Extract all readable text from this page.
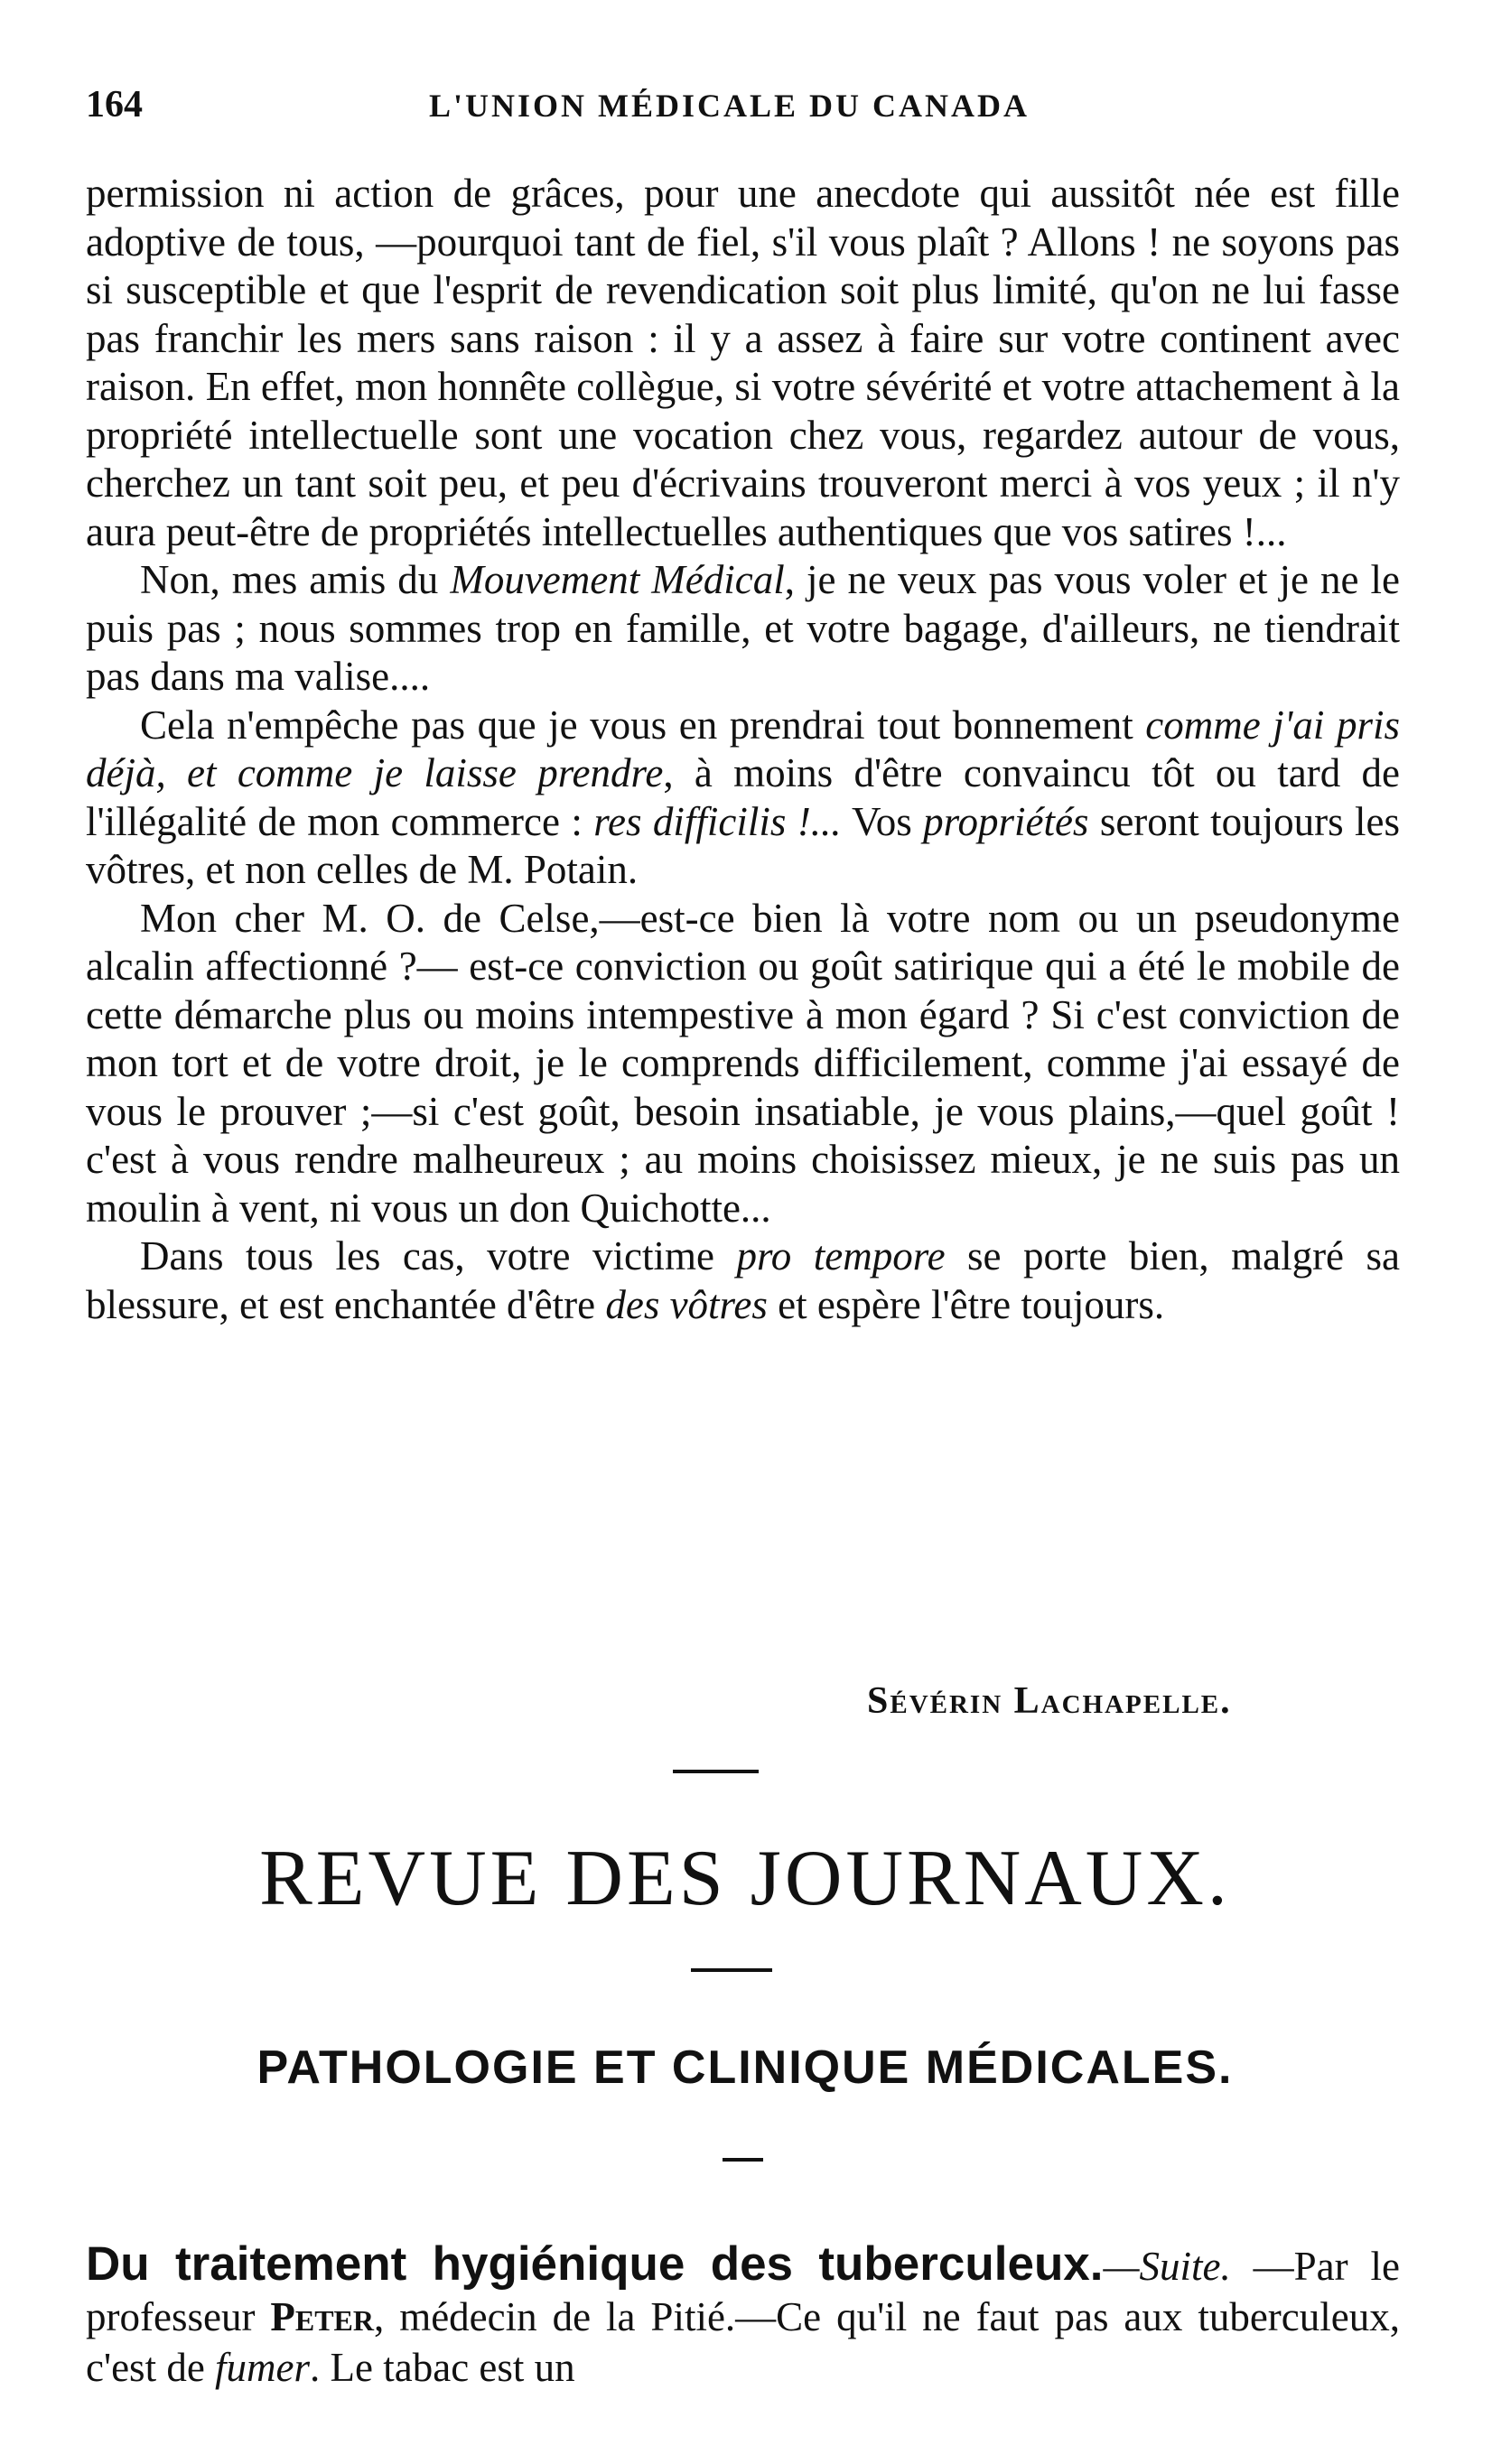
164	L'UNION MÉDICALE DU CANADA

permission ni action de grâces, pour une anecdote qui aussitôt née est fille adoptive de tous, —pourquoi tant de fiel, s'il vous plaît ? Allons ! ne soyons pas si susceptible et que l'esprit de revendication soit plus limité, qu'on ne lui fasse pas franchir les mers sans raison : il y a assez à faire sur votre continent avec raison. En effet, mon honnête collègue, si votre sévérité et votre attachement à la propriété intellectuelle sont une vocation chez vous, regardez autour de vous, cherchez un tant soit peu, et peu d'écrivains trouveront merci à vos yeux ; il n'y aura peut-être de propriétés intellectuelles authentiques que vos satires !...

Non, mes amis du Mouvement Médical, je ne veux pas vous voler et je ne le puis pas ; nous sommes trop en famille, et votre bagage, d'ailleurs, ne tiendrait pas dans ma valise....

Cela n'empêche pas que je vous en prendrai tout bonnement comme j'ai pris déjà, et comme je laisse prendre, à moins d'être convaincu tôt ou tard de l'illégalité de mon commerce : res difficilis !... Vos propriétés seront toujours les vôtres, et non celles de M. Potain.

Mon cher M. O. de Celse,—est-ce bien là votre nom ou un pseudonyme alcalin affectionné ?— est-ce conviction ou goût satirique qui a été le mobile de cette démarche plus ou moins intempestive à mon égard ? Si c'est conviction de mon tort et de votre droit, je le comprends difficilement, comme j'ai essayé de vous le prouver ;—si c'est goût, besoin insatiable, je vous plains,—quel goût ! c'est à vous rendre malheureux ; au moins choisissez mieux, je ne suis pas un moulin à vent, ni vous un don Quichotte...

Dans tous les cas, votre victime pro tempore se porte bien, malgré sa blessure, et est enchantée d'être des vôtres et espère l'être toujours.

Sévérin Lachapelle.
REVUE DES JOURNAUX.
PATHOLOGIE ET CLINIQUE MÉDICALES.
Du traitement hygiénique des tuberculeux.—Suite. —Par le professeur Peter, médecin de la Pitié.—Ce qu'il ne faut pas aux tuberculeux, c'est de fumer. Le tabac est un
